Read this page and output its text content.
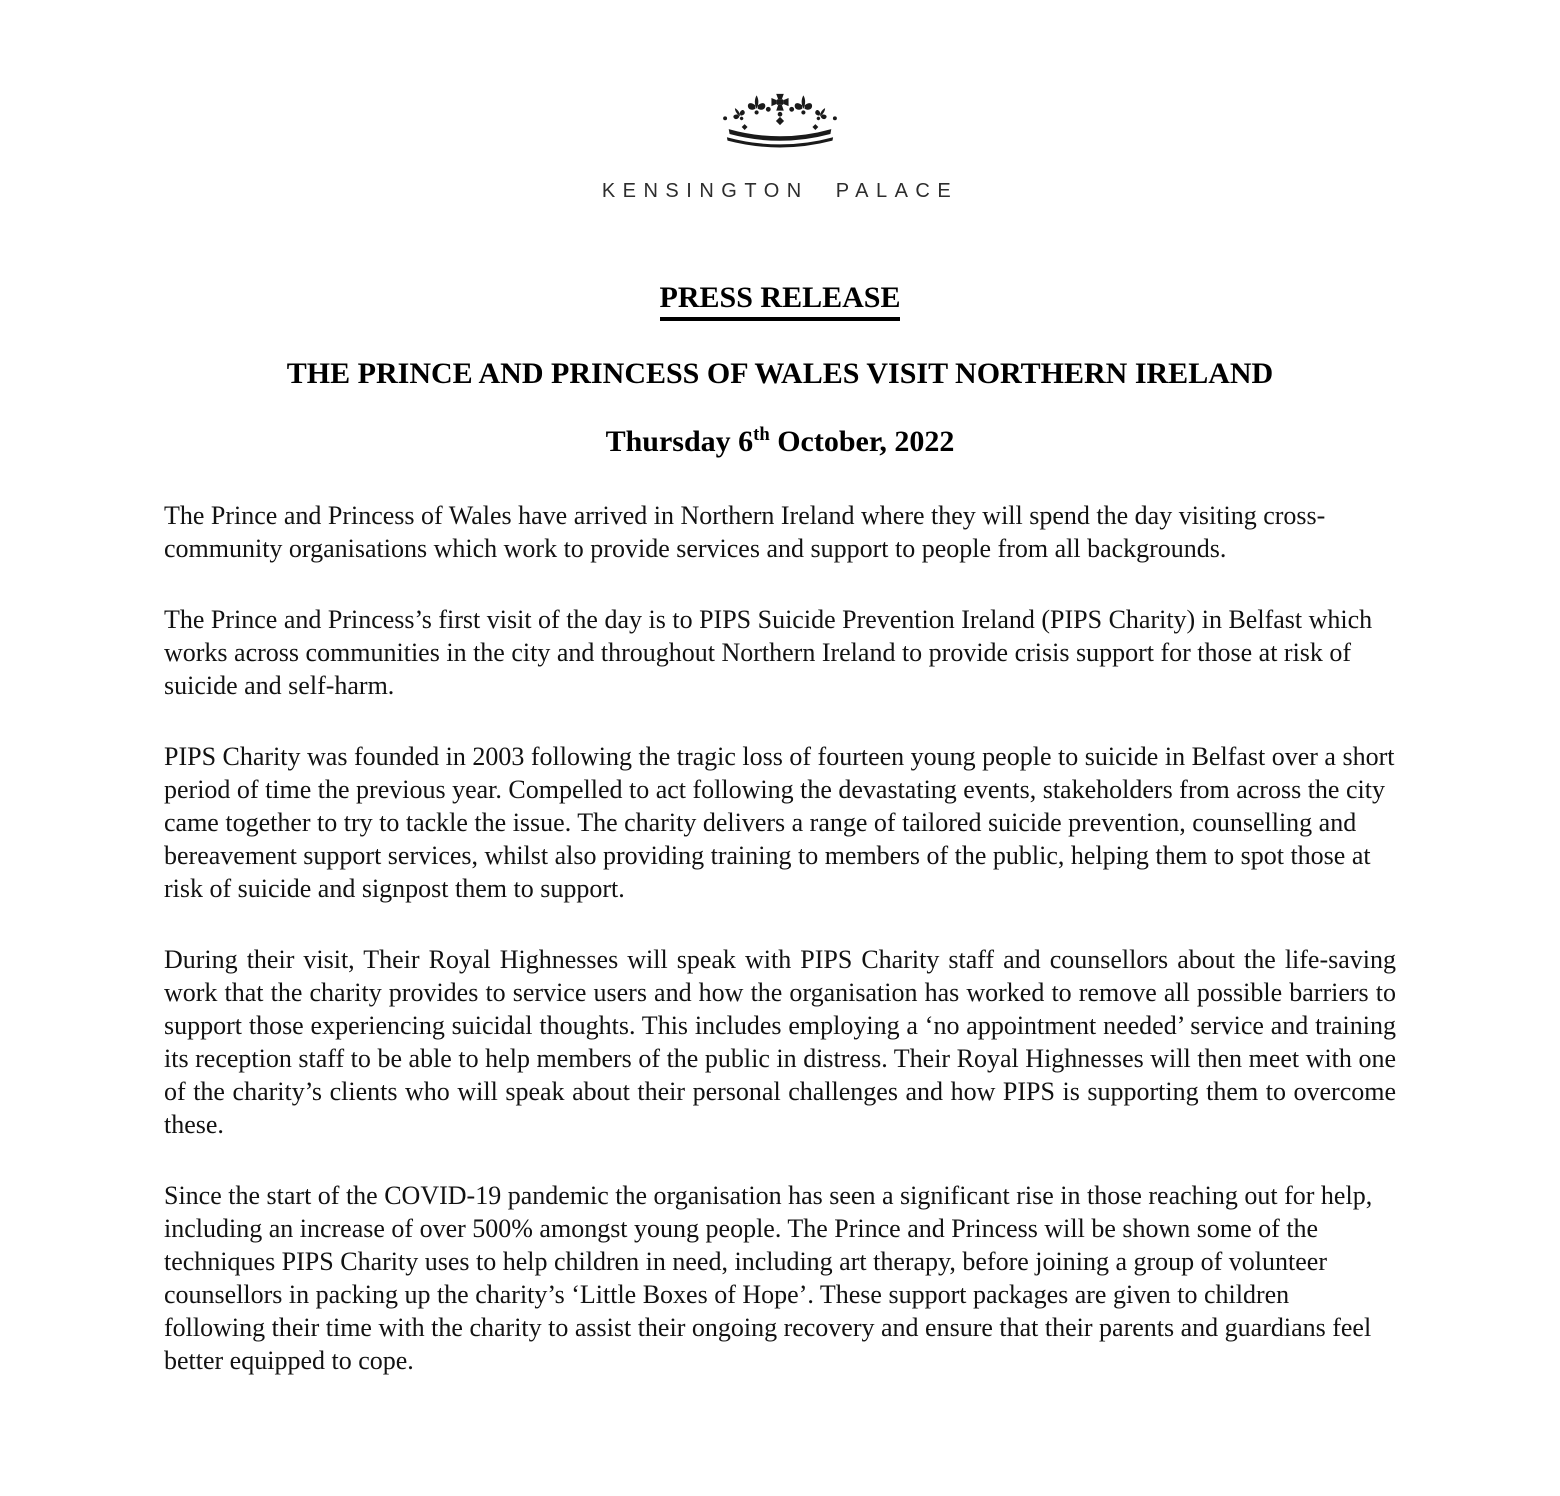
KENSINGTON PALACE
PRESS RELEASE
THE PRINCE AND PRINCESS OF WALES VISIT NORTHERN IRELAND
Thursday 6th October, 2022

The Prince and Princess of Wales have arrived in Northern Ireland where they will spend the day visiting cross-community organisations which work to provide services and support to people from all backgrounds.

The Prince and Princess’s first visit of the day is to PIPS Suicide Prevention Ireland (PIPS Charity) in Belfast which works across communities in the city and throughout Northern Ireland to provide crisis support for those at risk of suicide and self-harm.

PIPS Charity was founded in 2003 following the tragic loss of fourteen young people to suicide in Belfast over a short period of time the previous year. Compelled to act following the devastating events, stakeholders from across the city came together to try to tackle the issue. The charity delivers a range of tailored suicide prevention, counselling and bereavement support services, whilst also providing training to members of the public, helping them to spot those at risk of suicide and signpost them to support.

During their visit, Their Royal Highnesses will speak with PIPS Charity staff and counsellors about the life-saving work that the charity provides to service users and how the organisation has worked to remove all possible barriers to support those experiencing suicidal thoughts. This includes employing a ‘no appointment needed’ service and training its reception staff to be able to help members of the public in distress. Their Royal Highnesses will then meet with one of the charity’s clients who will speak about their personal challenges and how PIPS is supporting them to overcome these.

Since the start of the COVID-19 pandemic the organisation has seen a significant rise in those reaching out for help, including an increase of over 500% amongst young people. The Prince and Princess will be shown some of the techniques PIPS Charity uses to help children in need, including art therapy, before joining a group of volunteer counsellors in packing up the charity’s ‘Little Boxes of Hope’. These support packages are given to children following their time with the charity to assist their ongoing recovery and ensure that their parents and guardians feel better equipped to cope.
